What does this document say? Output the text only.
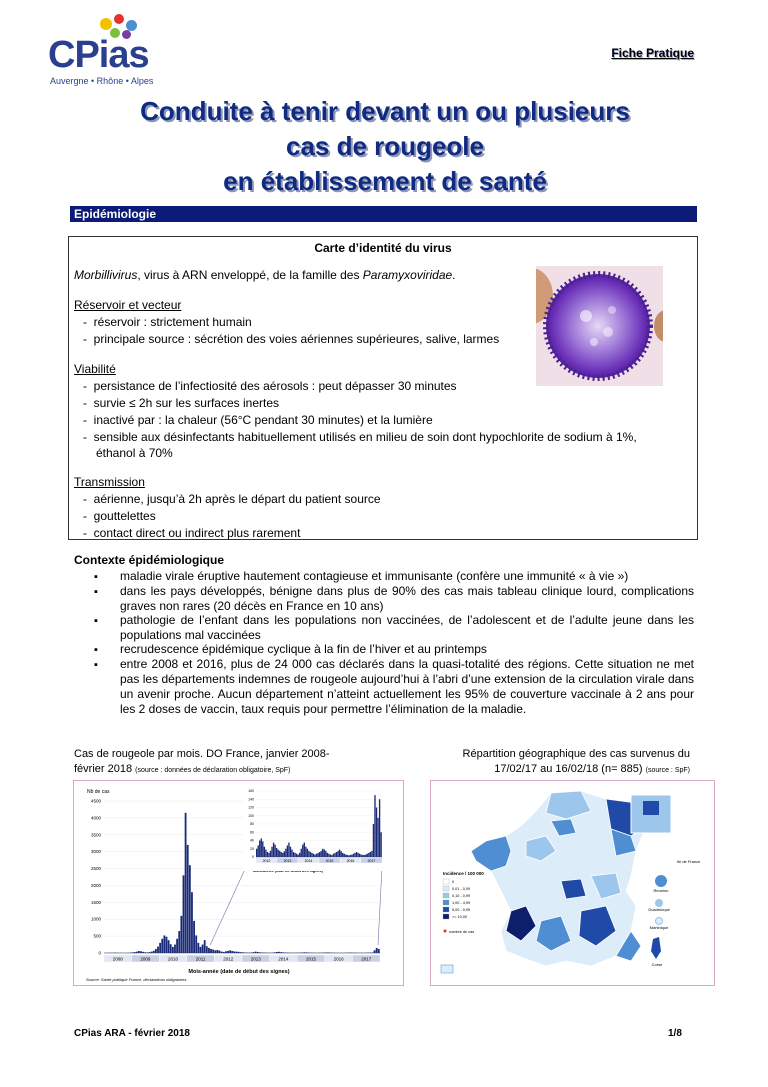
CPias
Auvergne • Rhône • Alpes
Fiche Pratique
Conduite à tenir devant un ou plusieurs
cas de rougeole
en établissement de santé
Epidémiologie
Carte d’identité du virus
Morbillivirus, virus à ARN enveloppé, de la famille des Paramyxoviridae.
Réservoir et vecteur
-  réservoir : strictement humain
-  principale source : sécrétion des voies aériennes supérieures, salive, larmes
Viabilité
-  persistance de l’infectiosité des aérosols : peut dépasser 30 minutes
-  survie ≤ 2h sur les surfaces inertes
-  inactivé par : la chaleur (56°C pendant 30 minutes) et la lumière
-  sensible aux désinfectants habituellement utilisés en milieu de soin dont hypochlorite de sodium à 1%,
éthanol à 70%
Transmission
-  aérienne, jusqu’à 2h après le départ du patient source
-  gouttelettes
-  contact direct ou indirect plus rarement
Contexte épidémiologique
▪ maladie virale éruptive hautement contagieuse et immunisante (confère une immunité « à vie »)
▪ dans les pays développés, bénigne dans plus de 90% des cas mais tableau clinique lourd, complications graves non rares (20 décès en France en 10 ans)
▪ pathologie de l’enfant dans les populations non vaccinées, de l’adolescent et de l’adulte jeune dans les populations mal vaccinées
▪ recrudescence épidémique cyclique à la fin de l’hiver et au printemps
▪ entre 2008 et 2016, plus de 24 000 cas déclarés dans la quasi-totalité des régions. Cette situation ne met pas les départements indemnes de rougeole aujourd’hui à l’abri d’une extension de la circulation virale dans un avenir proche. Aucun département n’atteint actuellement les 95% de couverture vaccinale à 2 ans pour les 2 doses de vaccin, taux requis pour permettre l’élimination de la maladie.
Cas de rougeole par mois. DO France, janvier 2008-
février 2018 (source : données de déclaration obligatoire, SpF)
Répartition géographique des cas survenus du
17/02/17 au 16/02/18 (n= 885) (source : SpF)
Nb de cas
Mois-année (date de début des signes)
Source: Santé publique France, déclarations obligatoires
0
500
1000
1500
2000
2500
3000
3500
4000
4500
2008	2009	2010	2011	2012	2013	2014	2015	2016	2017
0
20
40
60
80
100
120
140
160
2012	2013	2014	2015	2016	2017	Ile de France
Réunion
Guadeloupe
Martinique
Corse
Incidence / 100 000
0
0,01 - 0,09
0,10 - 0,99
1,00 - 4,99
5,00 - 9,99
>= 10,00
nombre de cas
CPias ARA - février 2018	1/8
